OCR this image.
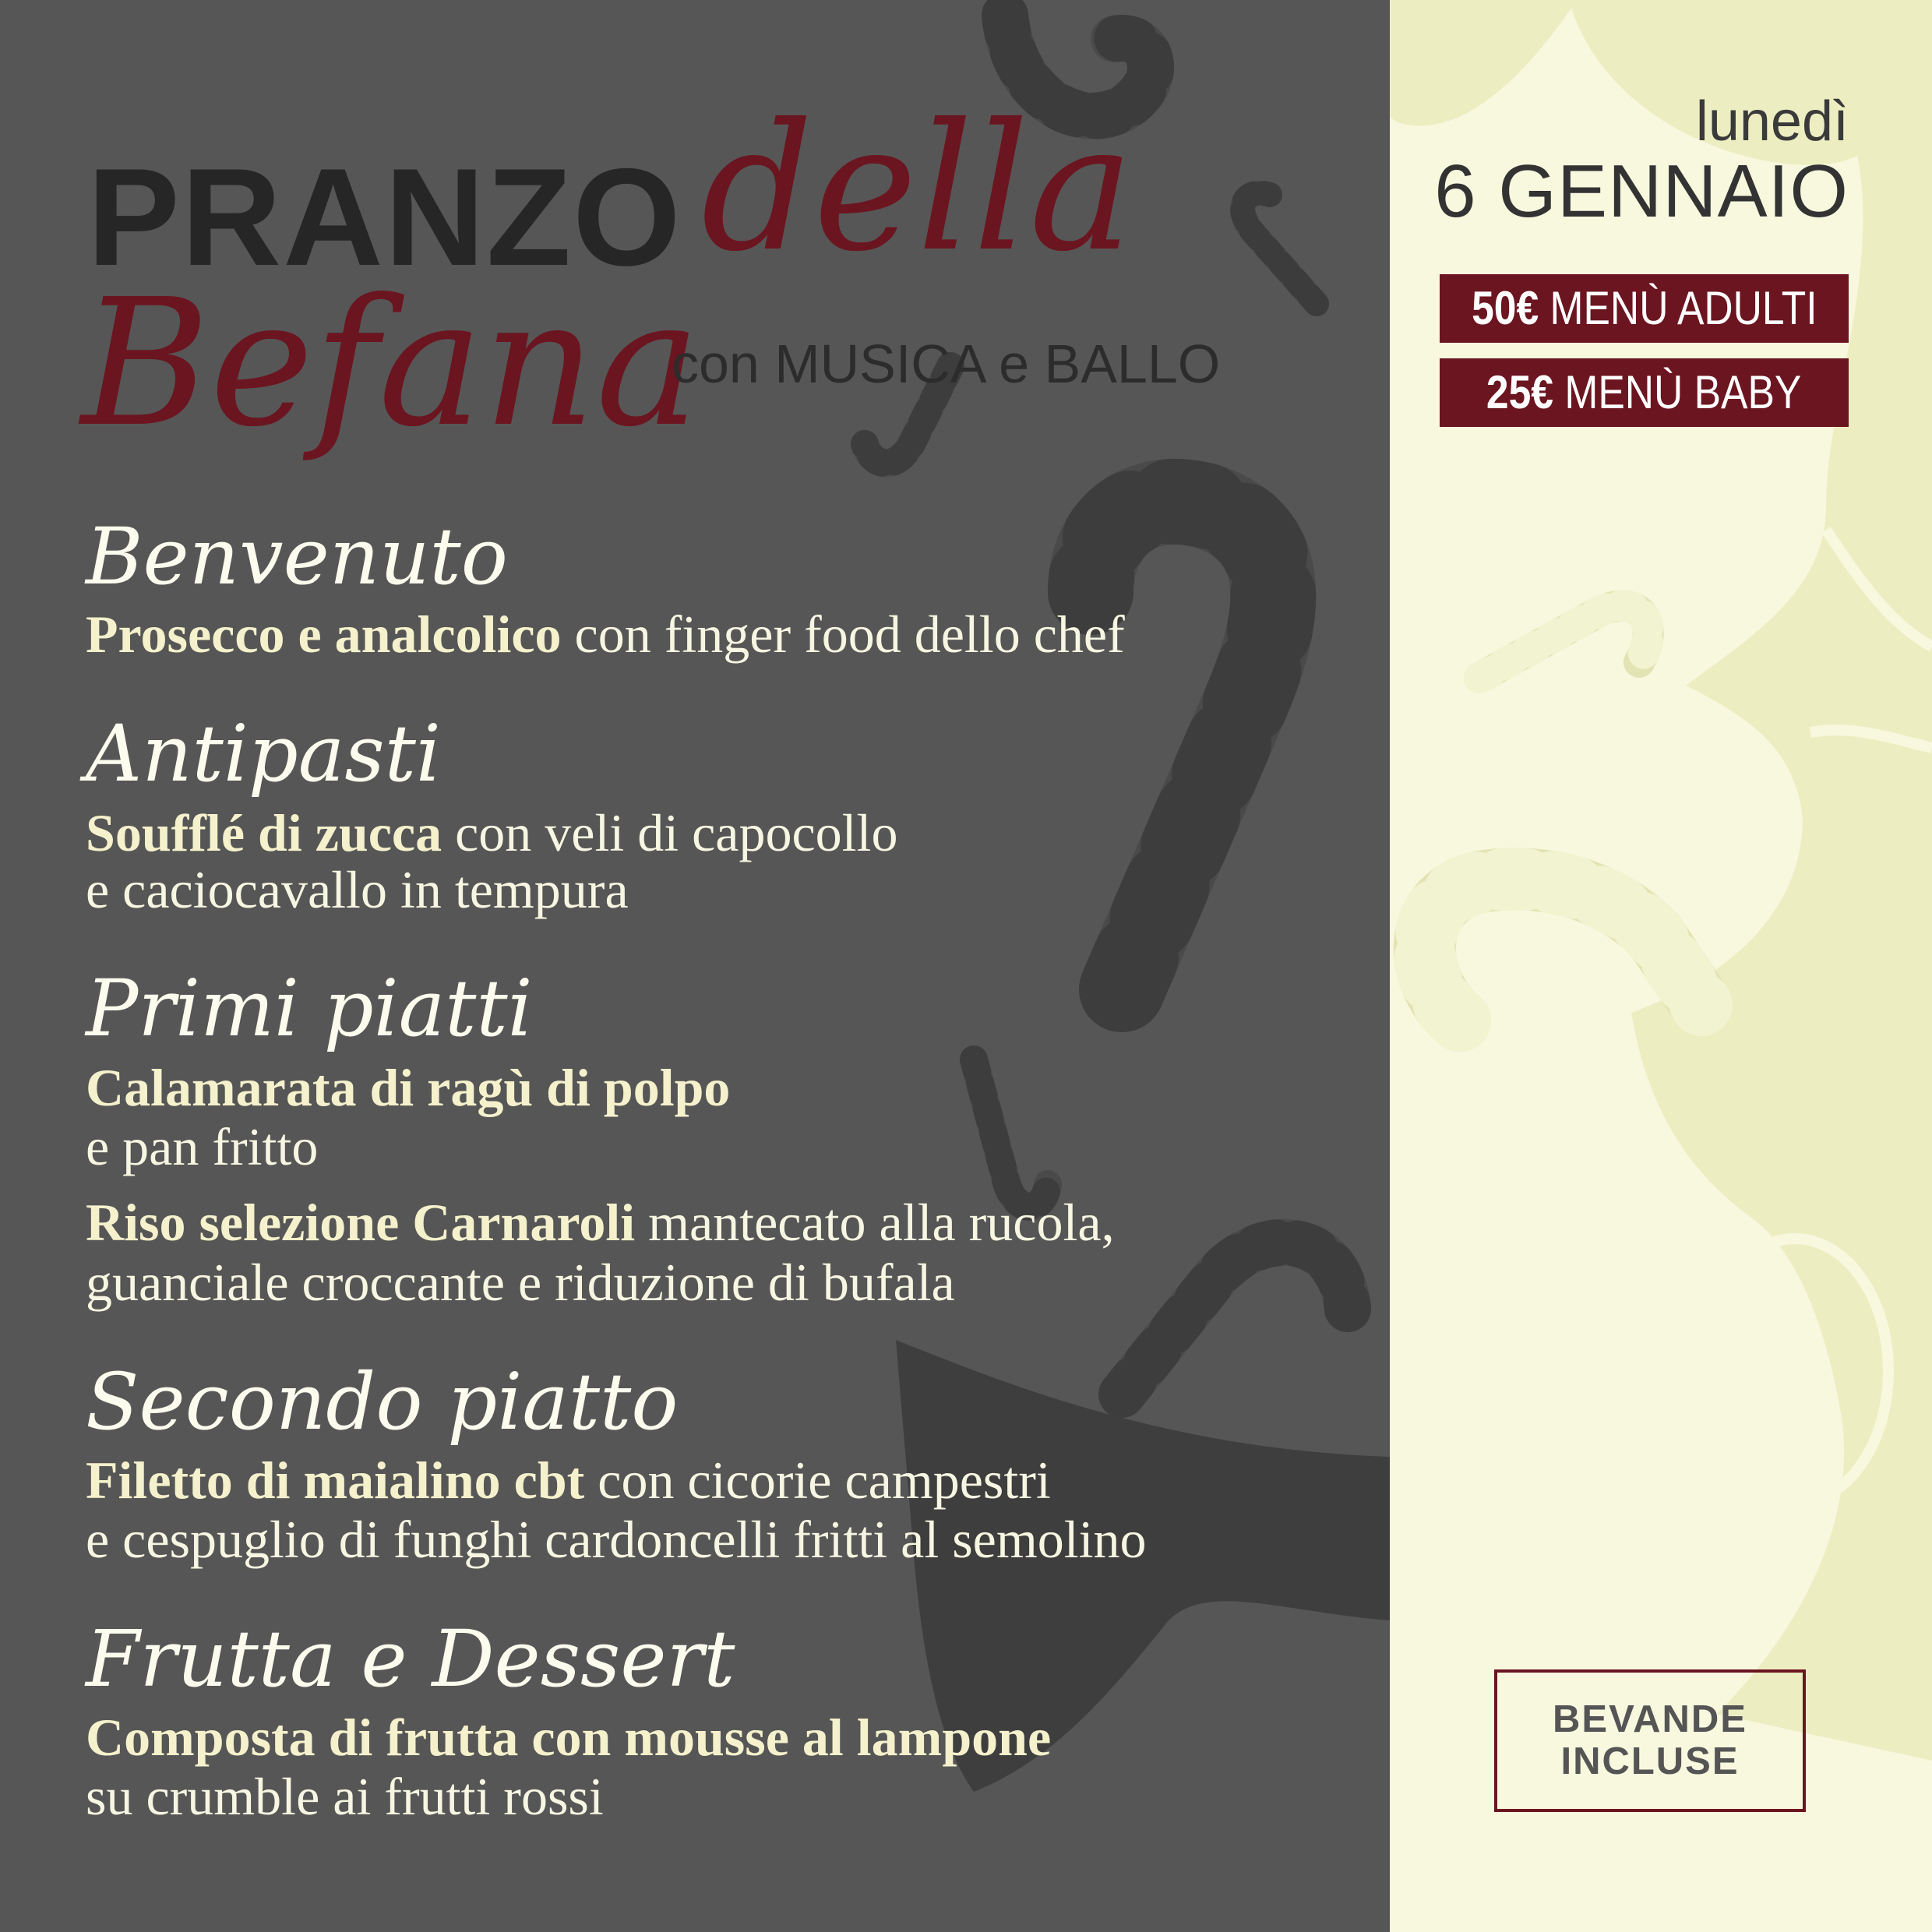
PRANZO della
Befana
con MUSICA e BALLO
Benvenuto
Prosecco e analcolico con finger food dello chef
Antipasti
Soufflé di zucca con veli di capocollo
e caciocavallo in tempura
Primi piatti
Calamarata di ragù di polpo
e pan fritto
Riso selezione Carnaroli mantecato alla rucola,
guanciale croccante e riduzione di bufala
Secondo piatto
Filetto di maialino cbt con cicorie campestri
e cespuglio di funghi cardoncelli fritti al semolino
Frutta e Dessert
Composta di frutta con mousse al lampone
su crumble ai frutti rossi
lunedì
6 GENNAIO
50€ MENÙ ADULTI
25€ MENÙ BABY
BEVANDE
INCLUSE
